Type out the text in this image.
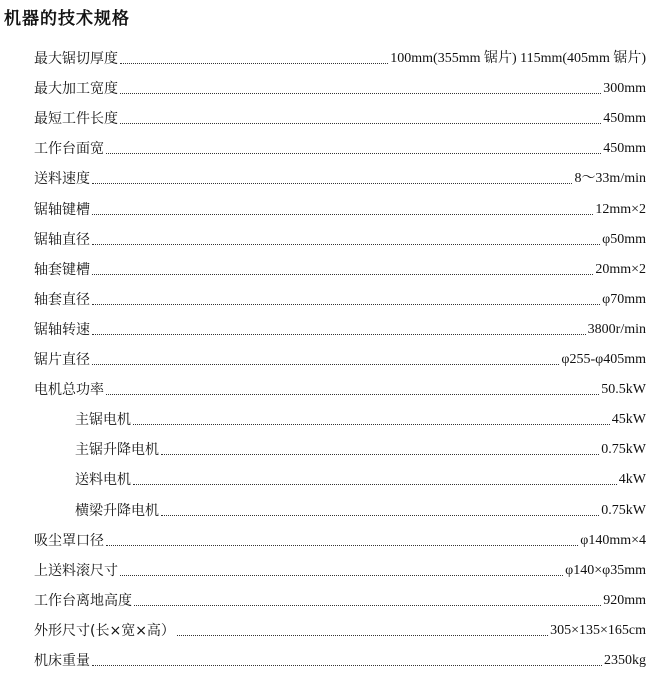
机器的技术规格
最大锯切厚度	100mm(355mm 锯片) 115mm(405mm 锯片)
最大加工宽度	300mm
最短工件长度	450mm
工作台面宽	450mm
送料速度	8～33m/min
锯轴键槽	12mm×2
锯轴直径	φ50mm
轴套键槽	20mm×2
轴套直径	φ70mm
锯轴转速	3800r/min
锯片直径	φ255-φ405mm
电机总功率	50.5kW
主锯电机	45kW
主锯升降电机	0.75kW
送料电机	4kW
横梁升降电机	0.75kW
吸尘罩口径	φ140mm×4
上送料滚尺寸	φ140×φ35mm
工作台离地高度	920mm
外形尺寸(长×宽×高）	305×135×165cm
机床重量	2350kg
